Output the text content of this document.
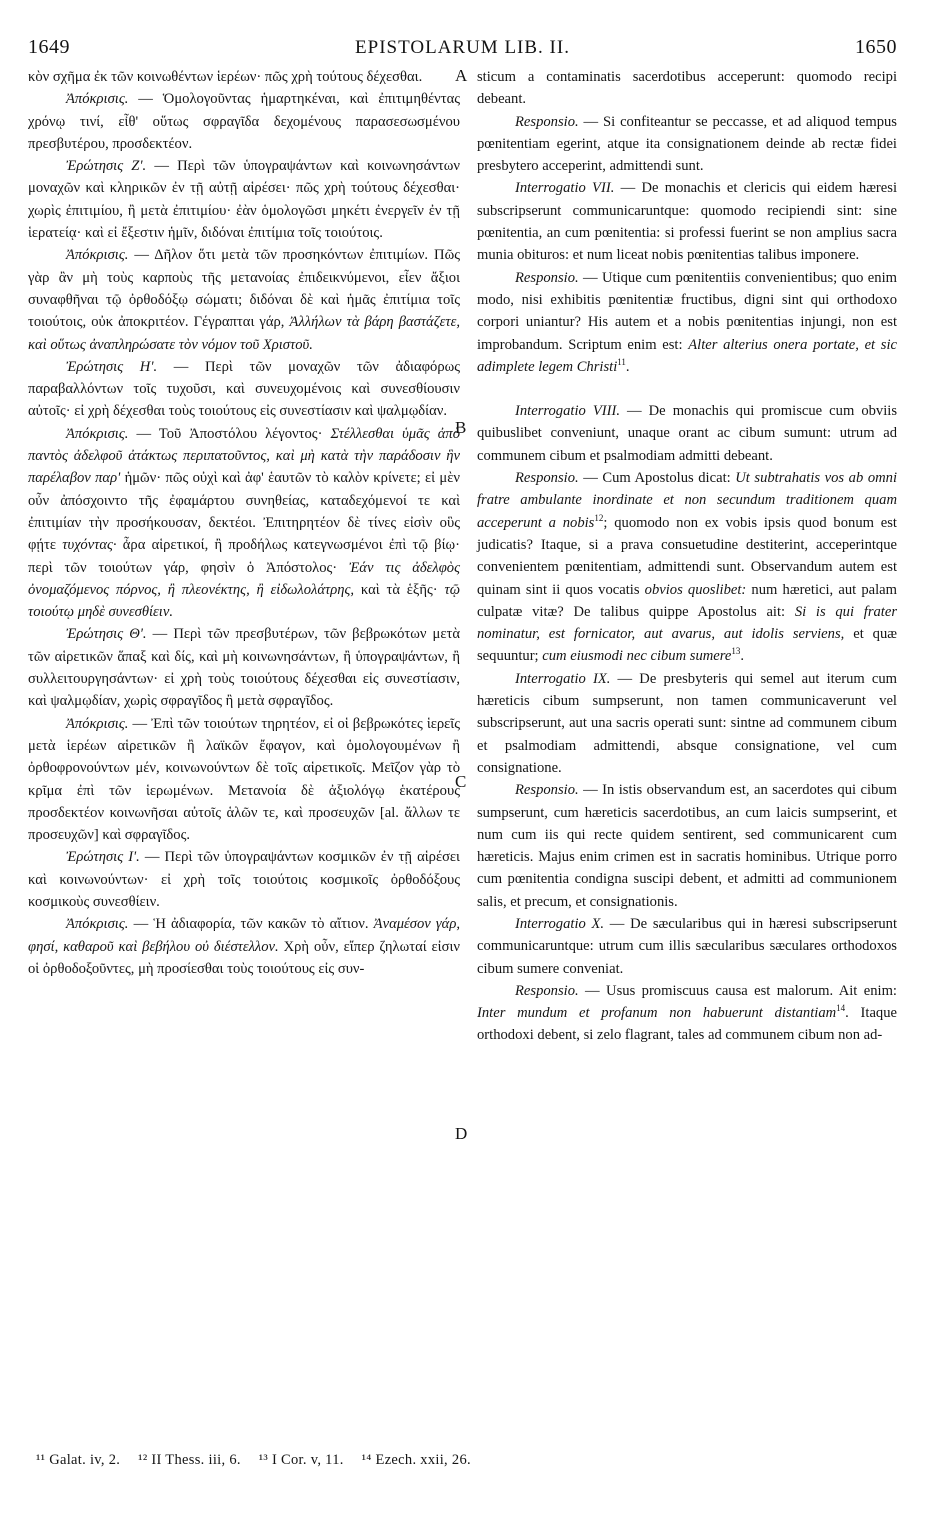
1649	EPISTOLARUM LIB. II.	1650
A
B
C
D

κὸν σχῆμα ἐκ τῶν κοινωθέντων ἱερέων· πῶς χρὴ τούτους δέχεσθαι.

Ἀπόκρισις. — Ὁμολογοῦντας ἡμαρτηκέναι, καὶ ἐπιτιμηθέντας χρόνῳ τινί, εἶθ' οὕτως σφραγῖδα δεχομένους παρασεσωσμένου πρεσβυτέρου, προσδεκτέον.

Ἐρώτησις Ζ'. — Περὶ τῶν ὑπογραψάντων καὶ κοινωνησάντων μοναχῶν καὶ κληρικῶν ἐν τῇ αὐτῇ αἱρέσει· πῶς χρὴ τούτους δέχεσθαι· χωρὶς ἐπιτιμίου, ἢ μετὰ ἐπιτιμίου· ἐὰν ὁμολογῶσι μηκέτι ἐνεργεῖν ἐν τῇ ἱερατείᾳ· καὶ εἰ ἔξεστιν ἡμῖν, διδόναι ἐπιτίμια τοῖς τοιούτοις.

Ἀπόκρισις. — Δῆλον ὅτι μετὰ τῶν προσηκόντων ἐπιτιμίων. Πῶς γὰρ ἂν μὴ τοὺς καρποὺς τῆς μετανοίας ἐπιδεικνύμενοι, εἶεν ἄξιοι συναφθῆναι τῷ ὀρθοδόξῳ σώματι; διδόναι δὲ καὶ ἡμᾶς ἐπιτίμια τοῖς τοιούτοις, οὐκ ἀποκριτέον. Γέγραπται γάρ, Ἀλλήλων τὰ βάρη βαστάζετε, καὶ οὕτως ἀναπληρώσατε τὸν νόμον τοῦ Χριστοῦ.

Ἐρώτησις Η'. — Περὶ τῶν μοναχῶν τῶν ἀδιαφόρως παραβαλλόντων τοῖς τυχοῦσι, καὶ συνευχομένοις καὶ συνεσθίουσιν αὐτοῖς· εἰ χρὴ δέχεσθαι τοὺς τοιούτους εἰς συνεστίασιν καὶ ψαλμῳδίαν.

Ἀπόκρισις. — Τοῦ Ἀποστόλου λέγοντος· Στέλλεσθαι ὑμᾶς ἀπὸ παντὸς ἀδελφοῦ ἀτάκτως περιπατοῦντος, καὶ μὴ κατὰ τὴν παράδοσιν ἣν παρέλαβον παρ' ἡμῶν· πῶς οὐχὶ καὶ ἀφ' ἑαυτῶν τὸ καλὸν κρίνετε; εἰ μὲν οὖν ἀπόσχοιντο τῆς ἐφαμάρτου συνηθείας, καταδεχόμενοί τε καὶ ἐπιτιμίαν τὴν προσήκουσαν, δεκτέοι. Ἐπιτηρητέον δὲ τίνες εἰσὶν οὓς φῄτε τυχόντας· ἆρα αἱρετικοί, ἢ προδήλως κατεγνωσμένοι ἐπὶ τῷ βίῳ· περὶ τῶν τοιούτων γάρ, φησὶν ὁ Ἀπόστολος· Ἐάν τις ἀδελφὸς ὀνομαζόμενος πόρνος, ἢ πλεονέκτης, ἢ εἰδωλολάτρης, καὶ τὰ ἑξῆς· τῷ τοιούτῳ μηδὲ συνεσθίειν.

Ἐρώτησις Θ'. — Περὶ τῶν πρεσβυτέρων, τῶν βεβρωκότων μετὰ τῶν αἱρετικῶν ἅπαξ καὶ δίς, καὶ μὴ κοινωνησάντων, ἢ ὑπογραψάντων, ἢ συλλειτουργησάντων· εἰ χρὴ τοὺς τοιούτους δέχεσθαι εἰς συνεστίασιν, καὶ ψαλμῳδίαν, χωρὶς σφραγῖδος ἢ μετὰ σφραγῖδος.

Ἀπόκρισις. — Ἐπὶ τῶν τοιούτων τηρητέον, εἰ οἱ βεβρωκότες ἱερεῖς μετὰ ἱερέων αἱρετικῶν ἢ λαϊκῶν ἔφαγον, καὶ ὁμολογουμένων ἢ ὀρθοφρονούντων μέν, κοινωνούντων δὲ τοῖς αἱρετικοῖς. Μεῖζον γὰρ τὸ κρῖμα ἐπὶ τῶν ἱερωμένων. Μετανοία δὲ ἀξιολόγῳ ἑκατέρους προσδεκτέον κοινωνῆσαι αὐτοῖς ἁλῶν τε, καὶ προσευχῶν [al. ἄλλων τε προσευχῶν] καὶ σφραγῖδος.

Ἐρώτησις Ι'. — Περὶ τῶν ὑπογραψάντων κοσμικῶν ἐν τῇ αἱρέσει καὶ κοινωνούντων· εἰ χρὴ τοῖς τοιούτοις κοσμικοῖς ὀρθοδόξους κοσμικοὺς συνεσθίειν.

Ἀπόκρισις. — Ἡ ἀδιαφορία, τῶν κακῶν τὸ αἴτιον. Ἀναμέσον γάρ, φησί, καθαροῦ καὶ βεβήλου οὐ διέστελλον. Χρὴ οὖν, εἴπερ ζηλωταί εἰσιν οἱ ὀρθοδοξοῦντες, μὴ προσίεσθαι τοὺς τοιούτους εἰς συν-

sticum a contaminatis sacerdotibus acceperunt: quomodo recipi debeant.

Responsio. — Si confiteantur se peccasse, et ad aliquod tempus pœnitentiam egerint, atque ita consignationem deinde ab rectæ fidei presbytero acceperint, admittendi sunt.

Interrogatio VII. — De monachis et clericis qui eidem hæresi subscripserunt communicaruntque: quomodo recipiendi sint: sine pœnitentia, an cum pœnitentia: si professi fuerint se non amplius sacra munia obituros: et num liceat nobis pœnitentias talibus imponere.

Responsio. — Utique cum pœnitentiis convenientibus; quo enim modo, nisi exhibitis pœnitentiæ fructibus, digni sint qui orthodoxo corpori uniantur? His autem et a nobis pœnitentias injungi, non est improbandum. Scriptum enim est: Alter alterius onera portate, et sic adimplete legem Christi$^{11}$.

Interrogatio VIII. — De monachis qui promiscue cum obviis quibuslibet conveniunt, unaque orant ac cibum sumunt: utrum ad communem cibum et psalmodiam admitti debeant.

Responsio. — Cum Apostolus dicat: Ut subtrahatis vos ab omni fratre ambulante inordinate et non secundum traditionem quam acceperunt a nobis$^{12}$; quomodo non ex vobis ipsis quod bonum est judicatis? Itaque, si a prava consuetudine destiterint, acceperintque convenientem pœnitentiam, admittendi sunt. Observandum autem est quinam sint ii quos vocatis obvios quoslibet: num hæretici, aut palam culpatæ vitæ? De talibus quippe Apostolus ait: Si is qui frater nominatur, est fornicator, aut avarus, aut idolis serviens, et quæ sequuntur; cum eiusmodi nec cibum sumere$^{13}$.

Interrogatio IX. — De presbyteris qui semel aut iterum cum hæreticis cibum sumpserunt, non tamen communicaverunt vel subscripserunt, aut una sacris operati sunt: sintne ad communem cibum et psalmodiam admittendi, absque consignatione, vel cum consignatione.

Responsio. — In istis observandum est, an sacerdotes qui cibum sumpserunt, cum hæreticis sacerdotibus, an cum laicis sumpserint, et num cum iis qui recte quidem sentirent, sed communicarent cum hæreticis. Majus enim crimen est in sacratis hominibus. Utrique porro cum pœnitentia condigna suscipi debent, et admitti ad communionem salis, et precum, et consignationis.

Interrogatio X. — De sæcularibus qui in hæresi subscripserunt communicaruntque: utrum cum illis sæcularibus sæculares orthodoxos cibum sumere conveniat.

Responsio. — Usus promiscuus causa est malorum. Ait enim: Inter mundum et profanum non habuerunt distantiam$^{14}$. Itaque orthodoxi debent, si zelo flagrant, tales ad communem cibum non ad-

¹¹ Galat. iv, 2. ¹² II Thess. iii, 6. ¹³ I Cor. v, 11. ¹⁴ Ezech. xxii, 26.
